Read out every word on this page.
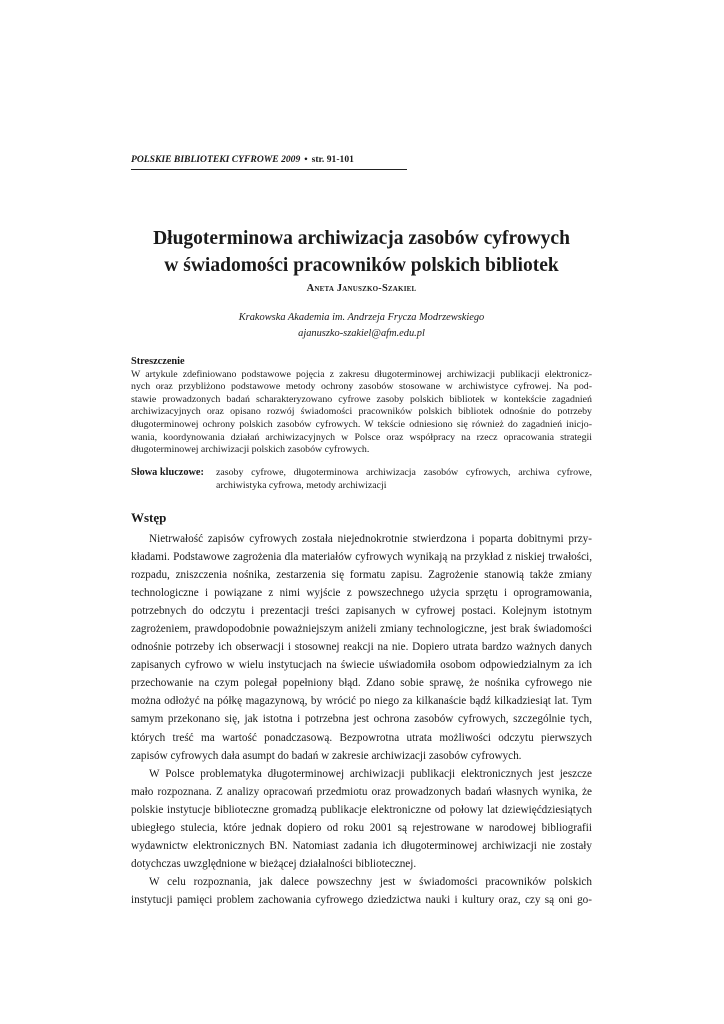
POLSKIE BIBLIOTEKI CYFROWE 2009 • str. 91-101
Długoterminowa archiwizacja zasobów cyfrowych
w świadomości pracowników polskich bibliotek
Aneta Januszko-Szakiel
Krakowska Akademia im. Andrzeja Frycza Modrzewskiego
ajanuszko-szakiel@afm.edu.pl
Streszczenie
W artykule zdefiniowano podstawowe pojęcia z zakresu długoterminowej archiwizacji publikacji elektronicz-
nych oraz przybliżono podstawowe metody ochrony zasobów stosowane w archiwistyce cyfrowej. Na pod-
stawie prowadzonych badań scharakteryzowano cyfrowe zasoby polskich bibliotek w kontekście zagadnień
archiwizacyjnych oraz opisano rozwój świadomości pracowników polskich bibliotek odnośnie do potrzeby
długoterminowej ochrony polskich zasobów cyfrowych. W tekście odniesiono się również do zagadnień inicjo-
wania, koordynowania działań archiwizacyjnych w Polsce oraz współpracy na rzecz opracowania strategii
długoterminowej archiwizacji polskich zasobów cyfrowych.
Słowa kluczowe: zasoby cyfrowe, długoterminowa archiwizacja zasobów cyfrowych, archiwa cyfrowe,
archiwistyka cyfrowa, metody archiwizacji
Wstęp
Nietrwałość zapisów cyfrowych została niejednokrotnie stwierdzona i poparta dobitnymi przy-
kładami. Podstawowe zagrożenia dla materiałów cyfrowych wynikają na przykład z niskiej trwałości,
rozpadu, zniszczenia nośnika, zestarzenia się formatu zapisu. Zagrożenie stanowią także zmiany
technologiczne i powiązane z nimi wyjście z powszechnego użycia sprzętu i oprogramowania,
potrzebnych do odczytu i prezentacji treści zapisanych w cyfrowej postaci. Kolejnym istotnym
zagrożeniem, prawdopodobnie poważniejszym aniżeli zmiany technologiczne, jest brak świadomości
odnośnie potrzeby ich obserwacji i stosownej reakcji na nie. Dopiero utrata bardzo ważnych danych
zapisanych cyfrowo w wielu instytucjach na świecie uświadomiła osobom odpowiedzialnym za ich
przechowanie na czym polegał popełniony błąd. Zdano sobie sprawę, że nośnika cyfrowego nie
można odłożyć na półkę magazynową, by wrócić po niego za kilkanaście bądź kilkadziesiąt lat. Tym
samym przekonano się, jak istotna i potrzebna jest ochrona zasobów cyfrowych, szczególnie tych,
których treść ma wartość ponadczasową. Bezpowrotna utrata możliwości odczytu pierwszych
zapisów cyfrowych dała asumpt do badań w zakresie archiwizacji zasobów cyfrowych.
W Polsce problematyka długoterminowej archiwizacji publikacji elektronicznych jest jeszcze
mało rozpoznana. Z analizy opracowań przedmiotu oraz prowadzonych badań własnych wynika, że
polskie instytucje biblioteczne gromadzą publikacje elektroniczne od połowy lat dziewięćdziesiątych
ubiegłego stulecia, które jednak dopiero od roku 2001 są rejestrowane w narodowej bibliografii
wydawnictw elektronicznych BN. Natomiast zadania ich długoterminowej archiwizacji nie zostały
dotychczas uwzględnione w bieżącej działalności bibliotecznej.
W celu rozpoznania, jak dalece powszechny jest w świadomości pracowników polskich
instytucji pamięci problem zachowania cyfrowego dziedzictwa nauki i kultury oraz, czy są oni go-
